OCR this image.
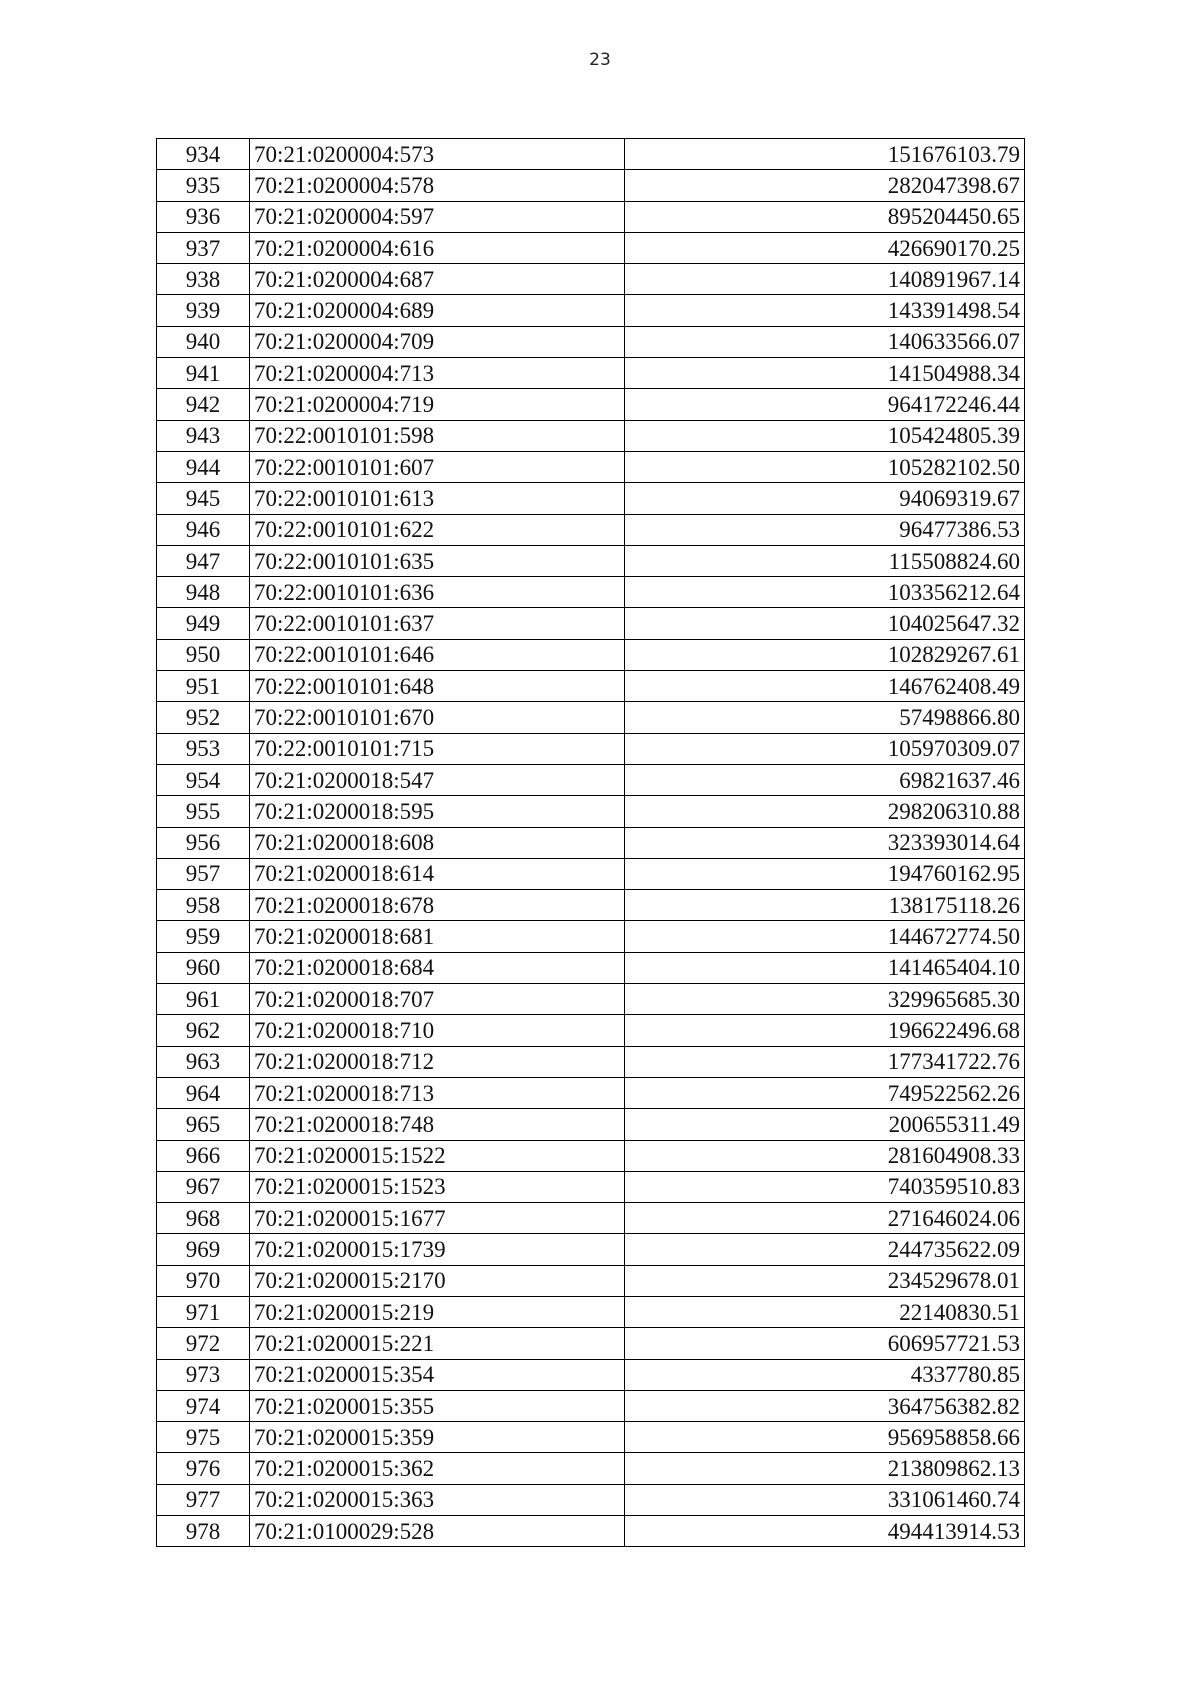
23
934	70:21:0200004:573	151676103.79
935	70:21:0200004:578	282047398.67
936	70:21:0200004:597	895204450.65
937	70:21:0200004:616	426690170.25
938	70:21:0200004:687	140891967.14
939	70:21:0200004:689	143391498.54
940	70:21:0200004:709	140633566.07
941	70:21:0200004:713	141504988.34
942	70:21:0200004:719	964172246.44
943	70:22:0010101:598	105424805.39
944	70:22:0010101:607	105282102.50
945	70:22:0010101:613	94069319.67
946	70:22:0010101:622	96477386.53
947	70:22:0010101:635	115508824.60
948	70:22:0010101:636	103356212.64
949	70:22:0010101:637	104025647.32
950	70:22:0010101:646	102829267.61
951	70:22:0010101:648	146762408.49
952	70:22:0010101:670	57498866.80
953	70:22:0010101:715	105970309.07
954	70:21:0200018:547	69821637.46
955	70:21:0200018:595	298206310.88
956	70:21:0200018:608	323393014.64
957	70:21:0200018:614	194760162.95
958	70:21:0200018:678	138175118.26
959	70:21:0200018:681	144672774.50
960	70:21:0200018:684	141465404.10
961	70:21:0200018:707	329965685.30
962	70:21:0200018:710	196622496.68
963	70:21:0200018:712	177341722.76
964	70:21:0200018:713	749522562.26
965	70:21:0200018:748	200655311.49
966	70:21:0200015:1522	281604908.33
967	70:21:0200015:1523	740359510.83
968	70:21:0200015:1677	271646024.06
969	70:21:0200015:1739	244735622.09
970	70:21:0200015:2170	234529678.01
971	70:21:0200015:219	22140830.51
972	70:21:0200015:221	606957721.53
973	70:21:0200015:354	4337780.85
974	70:21:0200015:355	364756382.82
975	70:21:0200015:359	956958858.66
976	70:21:0200015:362	213809862.13
977	70:21:0200015:363	331061460.74
978	70:21:0100029:528	494413914.53
